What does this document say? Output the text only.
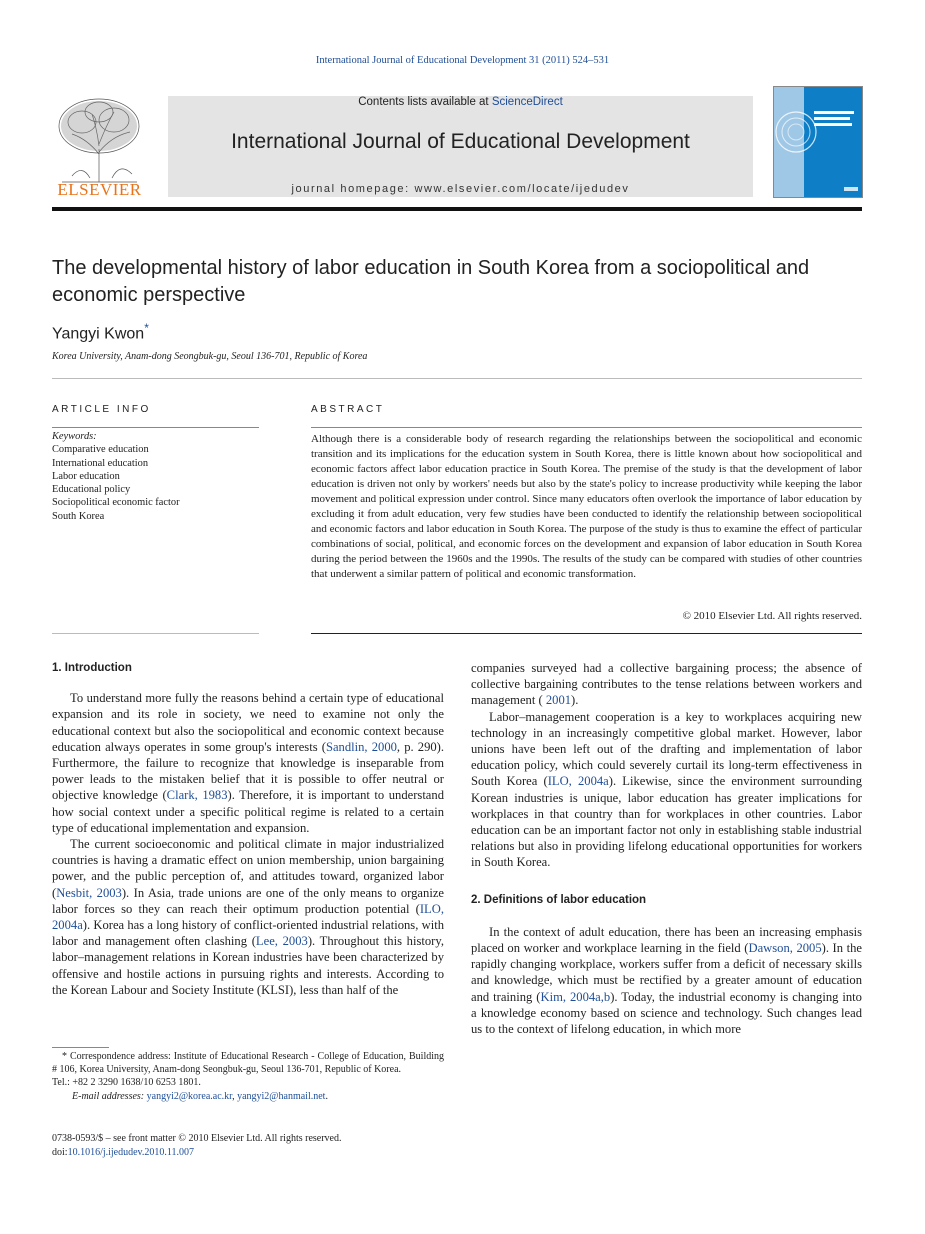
International Journal of Educational Development 31 (2011) 524–531
ELSEVIER
Contents lists available at ScienceDirect
International Journal of Educational Development
journal homepage: www.elsevier.com/locate/ijedudev
The developmental history of labor education in South Korea from a sociopolitical and economic perspective
Yangyi Kwon*
Korea University, Anam-dong Seongbuk-gu, Seoul 136-701, Republic of Korea
ARTICLE INFO
Keywords:
Comparative education
International education
Labor education
Educational policy
Sociopolitical economic factor
South Korea
ABSTRACT
Although there is a considerable body of research regarding the relationships between the sociopolitical and economic transition and its implications for the education system in South Korea, there is little known about how sociopolitical and economic factors affect labor education practice in South Korea. The premise of the study is that the development of labor education is driven not only by workers' needs but also by the state's policy to increase productivity while keeping the labor movement and political expression under control. Since many educators often overlook the importance of labor education by excluding it from adult education, very few studies have been conducted to identify the relationship between sociopolitical and economic factors and labor education in South Korea. The purpose of the study is thus to examine the effect of particular combinations of social, political, and economic forces on the development and expansion of labor education in South Korea during the period between the 1960s and the 1990s. The results of the study can be compared with studies of other countries that underwent a similar pattern of political and economic transformation.
© 2010 Elsevier Ltd. All rights reserved.
1. Introduction

To understand more fully the reasons behind a certain type of educational expansion and its role in society, we need to examine not only the educational context but also the sociopolitical and economic context because education always operates in some group's interests (Sandlin, 2000, p. 290). Furthermore, the failure to recognize that knowledge is inseparable from power leads to the mistaken belief that it is possible to offer neutral or objective knowledge (Clark, 1983). Therefore, it is important to understand how social context under a specific political regime is related to a certain type of educational implementation and expansion.

The current socioeconomic and political climate in major industrialized countries is having a dramatic effect on union membership, union bargaining power, and the public perception of, and attitudes toward, organized labor (Nesbit, 2003). In Asia, trade unions are one of the only means to organize labor forces so they can reach their optimum production potential (ILO, 2004a). Korea has a long history of conflict-oriented industrial relations, with labor and management often clashing (Lee, 2003). Throughout this history, labor–management relations in Korean industries have been characterized by offensive and hostile actions in pursuing rights and interests. According to the Korean Labour and Society Institute (KLSI), less than half of the

companies surveyed had a collective bargaining process; the absence of collective bargaining contributes to the tense relations between workers and management ( 2001).

Labor–management cooperation is a key to workplaces acquiring new technology in an increasingly competitive global market. However, labor unions have been left out of the drafting and implementation of labor education policy, which could severely curtail its long-term effectiveness in South Korea (ILO, 2004a). Likewise, since the environment surrounding Korean industries is unique, labor education has greater implications for workplaces in that country than for workplaces in other countries. Labor education can be an important factor not only in establishing stable industrial relations but also in providing lifelong educational opportunities for workers in South Korea.

2. Definitions of labor education

In the context of adult education, there has been an increasing emphasis placed on worker and workplace learning in the field (Dawson, 2005). In the rapidly changing workplace, workers suffer from a deficit of necessary skills and knowledge, which must be rectified by a greater amount of education and training (Kim, 2004a,b). Today, the industrial economy is changing into a knowledge economy based on science and technology. Such changes lead us to the context of lifelong education, in which more

* Correspondence address: Institute of Educational Research - College of Education, Building # 106, Korea University, Anam-dong Seongbuk-gu, Seoul 136-701, Republic of Korea.

Tel.: +82 2 3290 1638/10 6253 1801.

E-mail addresses: yangyi2@korea.ac.kr, yangyi2@hanmail.net.

0738-0593/$ – see front matter © 2010 Elsevier Ltd. All rights reserved.
doi:10.1016/j.ijedudev.2010.11.007
